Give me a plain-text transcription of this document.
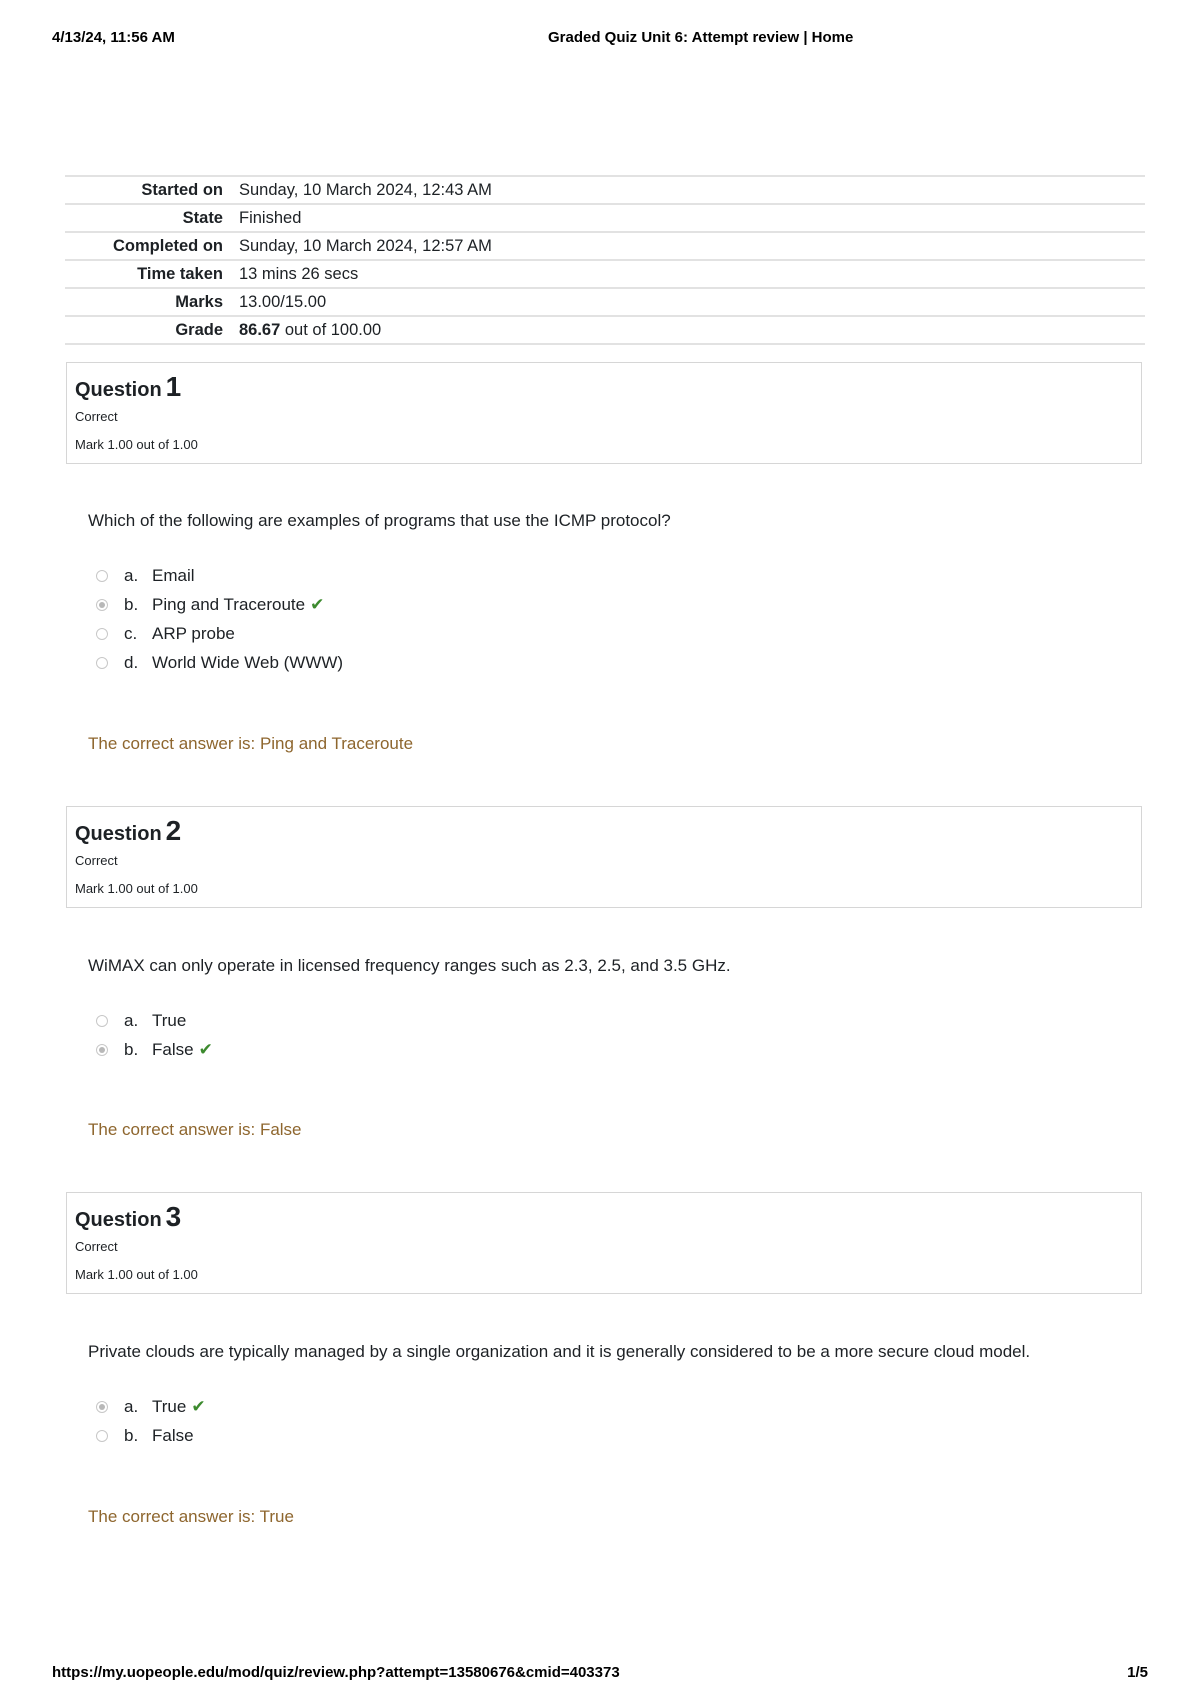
4/13/24, 11:56 AM	Graded Quiz Unit 6: Attempt review | Home
Started on	Sunday, 10 March 2024, 12:43 AM
State	Finished
Completed on	Sunday, 10 March 2024, 12:57 AM
Time taken	13 mins 26 secs
Marks	13.00/15.00
Grade	86.67 out of 100.00
Question 1
Correct
Mark 1.00 out of 1.00
Which of the following are examples of programs that use the ICMP protocol?
a. Email
b. Ping and Traceroute ✔
c. ARP probe
d. World Wide Web (WWW)
The correct answer is: Ping and Traceroute
Question 2
Correct
Mark 1.00 out of 1.00
WiMAX can only operate in licensed frequency ranges such as 2.3, 2.5, and 3.5 GHz.
a. True
b. False ✔
The correct answer is: False
Question 3
Correct
Mark 1.00 out of 1.00
Private clouds are typically managed by a single organization and it is generally considered to be a more secure cloud model.
a. True ✔
b. False
The correct answer is: True
https://my.uopeople.edu/mod/quiz/review.php?attempt=13580676&cmid=403373	1/5
